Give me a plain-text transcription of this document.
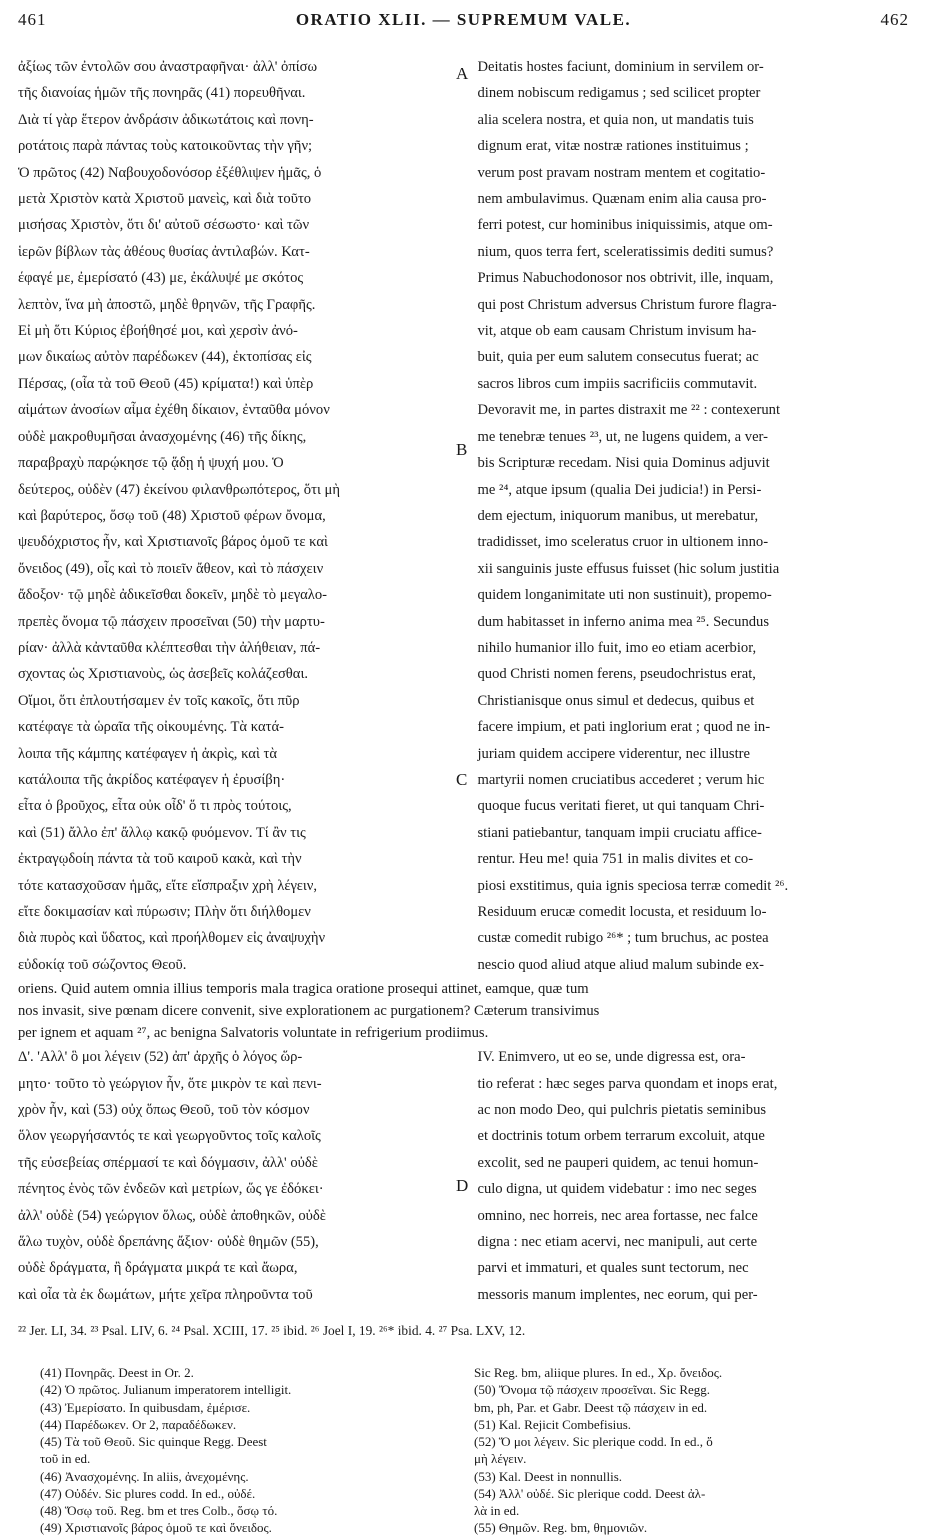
461	ORATIO XLII. — SUPREMUM VALE.	462
A
B
C
D
ἀξίως τῶν ἐντολῶν σου ἀναστραφῆναι· ἀλλ' ὀπίσω
τῆς διανοίας ἡμῶν τῆς πονηρᾶς (41) πορευθῆναι.
Διὰ τί γὰρ ἕτερον ἀνδράσιν ἀδικωτάτοις καὶ πονη-
ροτάτοις παρὰ πάντας τοὺς κατοικοῦντας τὴν γῆν;
Ὁ πρῶτος (42) Ναβουχοδονόσορ ἐξέθλιψεν ἡμᾶς, ὁ
μετὰ Χριστὸν κατὰ Χριστοῦ μανεὶς, καὶ διὰ τοῦτο
μισήσας Χριστὸν, ὅτι δι' αὐτοῦ σέσωστο· καὶ τῶν
ἱερῶν βίβλων τὰς ἀθέους θυσίας ἀντιλαβών. Κατ-
έφαγέ με, ἐμερίσατό (43) με, ἐκάλυψέ με σκότος
λεπτὸν, ἵνα μὴ ἀποστῶ, μηδὲ θρηνῶν, τῆς Γραφῆς.
Εἰ μὴ ὅτι Κύριος ἐβοήθησέ μοι, καὶ χερσὶν ἀνό-
μων δικαίως αὐτὸν παρέδωκεν (44), ἐκτοπίσας εἰς
Πέρσας, (οἷα τὰ τοῦ Θεοῦ (45) κρίματα!) καὶ ὑπὲρ
αἱμάτων ἀνοσίων αἷμα ἐχέθη δίκαιον, ἐνταῦθα μόνον
οὐδὲ μακροθυμῆσαι ἀνασχομένης (46) τῆς δίκης,
παραβραχὺ παρῴκησε τῷ ᾅδῃ ἡ ψυχή μου. Ὁ
δεύτερος, οὐδὲν (47) ἐκείνου φιλανθρωπότερος, ὅτι μὴ
καὶ βαρύτερος, ὅσῳ τοῦ (48) Χριστοῦ φέρων ὄνομα,
ψευδόχριστος ἦν, καὶ Χριστιανοῖς βάρος ὁμοῦ τε καὶ
ὄνειδος (49), οἷς καὶ τὸ ποιεῖν ἄθεον, καὶ τὸ πάσχειν
ἄδοξον· τῷ μηδὲ ἀδικεῖσθαι δοκεῖν, μηδὲ τὸ μεγαλο-
πρεπὲς ὄνομα τῷ πάσχειν προσεῖναι (50) τὴν μαρτυ-
ρίαν· ἀλλὰ κἀνταῦθα κλέπτεσθαι τὴν ἀλήθειαν, πά-
σχοντας ὡς Χριστιανοὺς, ὡς ἀσεβεῖς κολάζεσθαι.
Οἴμοι, ὅτι ἐπλουτήσαμεν ἐν τοῖς κακοῖς, ὅτι πῦρ
κατέφαγε τὰ ὡραῖα τῆς οἰκουμένης. Τὰ κατά-
λοιπα τῆς κάμπης κατέφαγεν ἡ ἀκρὶς, καὶ τὰ
κατάλοιπα τῆς ἀκρίδος κατέφαγεν ἡ ἐρυσίβη·
εἶτα ὁ βροῦχος, εἶτα οὐκ οἶδ' ὅ τι πρὸς τούτοις,
καὶ (51) ἄλλο ἐπ' ἄλλῳ κακῷ φυόμενον. Τί ἂν τις
ἐκτραγῳδοίη πάντα τὰ τοῦ καιροῦ κακὰ, καὶ τὴν
τότε κατασχοῦσαν ἡμᾶς, εἴτε εἴσπραξιν χρὴ λέγειν,
εἴτε δοκιμασίαν καὶ πύρωσιν; Πλὴν ὅτι διήλθομεν
διὰ πυρὸς καὶ ὕδατος, καὶ προήλθομεν εἰς ἀναψυχὴν
εὐδοκίᾳ τοῦ σώζοντος Θεοῦ.
Deitatis hostes faciunt, dominium in servilem or-
dinem nobiscum redigamus ; sed scilicet propter
alia scelera nostra, et quia non, ut mandatis tuis
dignum erat, vitæ nostræ rationes instituimus ;
verum post pravam nostram mentem et cogitatio-
nem ambulavimus. Quænam enim alia causa pro-
ferri potest, cur hominibus iniquissimis, atque om-
nium, quos terra fert, sceleratissimis dediti sumus?
Primus Nabuchodonosor nos obtrivit, ille, inquam,
qui post Christum adversus Christum furore flagra-
vit, atque ob eam causam Christum invisum ha-
buit, quia per eum salutem consecutus fuerat; ac
sacros libros cum impiis sacrificiis commutavit.
Devoravit me, in partes distraxit me ²² : contexerunt
me tenebræ tenues ²³, ut, ne lugens quidem, a ver-
bis Scripturæ recedam. Nisi quia Dominus adjuvit
me ²⁴, atque ipsum (qualia Dei judicia!) in Persi-
dem ejectum, iniquorum manibus, ut merebatur,
tradidisset, imo sceleratus cruor in ultionem inno-
xii sanguinis juste effusus fuisset (hic solum justitia
quidem longanimitate uti non sustinuit), propemo-
dum habitasset in inferno anima mea ²⁵. Secundus
nihilo humanior illo fuit, imo eo etiam acerbior,
quod Christi nomen ferens, pseudochristus erat,
Christianisque onus simul et dedecus, quibus et
facere impium, et pati inglorium erat ; quod ne in-
juriam quidem accipere viderentur, nec illustre
martyrii nomen cruciatibus accederet ; verum hic
quoque fucus veritati fieret, ut qui tanquam Chri-
stiani patiebantur, tanquam impii cruciatu affice-
rentur. Heu me! quia 751 in malis divites et co-
piosi exstitimus, quia ignis speciosa terræ comedit ²⁶.
Residuum erucæ comedit locusta, et residuum lo-
custæ comedit rubigo ²⁶* ; tum bruchus, ac postea
nescio quod aliud atque aliud malum subinde ex-
oriens. Quid autem omnia illius temporis mala tragica oratione prosequi attinet, eamque, quæ tum
nos invasit, sive pœnam dicere convenit, sive explorationem ac purgationem? Cæterum transivimus
per ignem et aquam ²⁷, ac benigna Salvatoris voluntate in refrigerium prodiimus.
Δ'. 'Αλλ' ὃ μοι λέγειν (52) ἀπ' ἀρχῆς ὁ λόγος ὥρ-
μητο· τοῦτο τὸ γεώργιον ἦν, ὅτε μικρὸν τε καὶ πενι-
χρὸν ἦν, καὶ (53) οὐχ ὅπως Θεοῦ, τοῦ τὸν κόσμον
ὅλον γεωργήσαντός τε καὶ γεωργοῦντος τοῖς καλοῖς
τῆς εὐσεβείας σπέρμασί τε καὶ δόγμασιν, ἀλλ' οὐδὲ
πένητος ἑνὸς τῶν ἐνδεῶν καὶ μετρίων, ὥς γε ἐδόκει·
ἀλλ' οὐδὲ (54) γεώργιον ὅλως, οὐδὲ ἀποθηκῶν, οὐδὲ
ἅλω τυχὸν, οὐδὲ δρεπάνης ἄξιον· οὐδὲ θημῶν (55),
οὐδὲ δράγματα, ἢ δράγματα μικρά τε καὶ ἄωρα,
καὶ οἷα τὰ ἐκ δωμάτων, μήτε χεῖρα πληροῦντα τοῦ
IV. Enimvero, ut eo se, unde digressa est, ora-
tio referat : hæc seges parva quondam et inops erat,
ac non modo Deo, qui pulchris pietatis seminibus
et doctrinis totum orbem terrarum excoluit, atque
excolit, sed ne pauperi quidem, ac tenui homun-
culo digna, ut quidem videbatur : imo nec seges
omnino, nec horreis, nec area fortasse, nec falce
digna : nec etiam acervi, nec manipuli, aut certe
parvi et immaturi, et quales sunt tectorum, nec
messoris manum implentes, nec eorum, qui per-
²² Jer. LI, 34. ²³ Psal. LIV, 6. ²⁴ Psal. XCIII, 17. ²⁵ ibid. ²⁶ Joel I, 19. ²⁶* ibid. 4. ²⁷ Psa. LXV, 12.
(41) Πονηρᾶς. Deest in Or. 2.
(42) Ὁ πρῶτος. Julianum imperatorem intelligit.
(43) Ἐμερίσατο. In quibusdam, ἐμέρισε.
(44) Παρέδωκεν. Or 2, παραδέδωκεν.
(45) Τὰ τοῦ Θεοῦ. Sic quinque Regg. Deest
τοῦ in ed.
(46) Ἀνασχομένης. In aliis, ἀνεχομένης.
(47) Οὐδέν. Sic plures codd. In ed., οὐδέ.
(48) Ὅσῳ τοῦ. Reg. bm et tres Colb., ὅσῳ τό.
(49) Χριστιανοῖς βάρος ὁμοῦ τε καὶ ὄνειδος.
Sic Reg. bm, aliique plures. In ed., Χρ. ὄνειδος.
(50) Ὄνομα τῷ πάσχειν προσεῖναι. Sic Regg.
bm, ph, Par. et Gabr. Deest τῷ πάσχειν in ed.
(51) Kal. Rejicit Combefisius.
(52) Ὅ μοι λέγειν. Sic plerique codd. In ed., ὅ
μὴ λέγειν.
(53) Kal. Deest in nonnullis.
(54) Ἀλλ' οὐδέ. Sic plerique codd. Deest ἀλ-
λὰ in ed.
(55) Θημῶν. Reg. bm, θημονιῶν.
